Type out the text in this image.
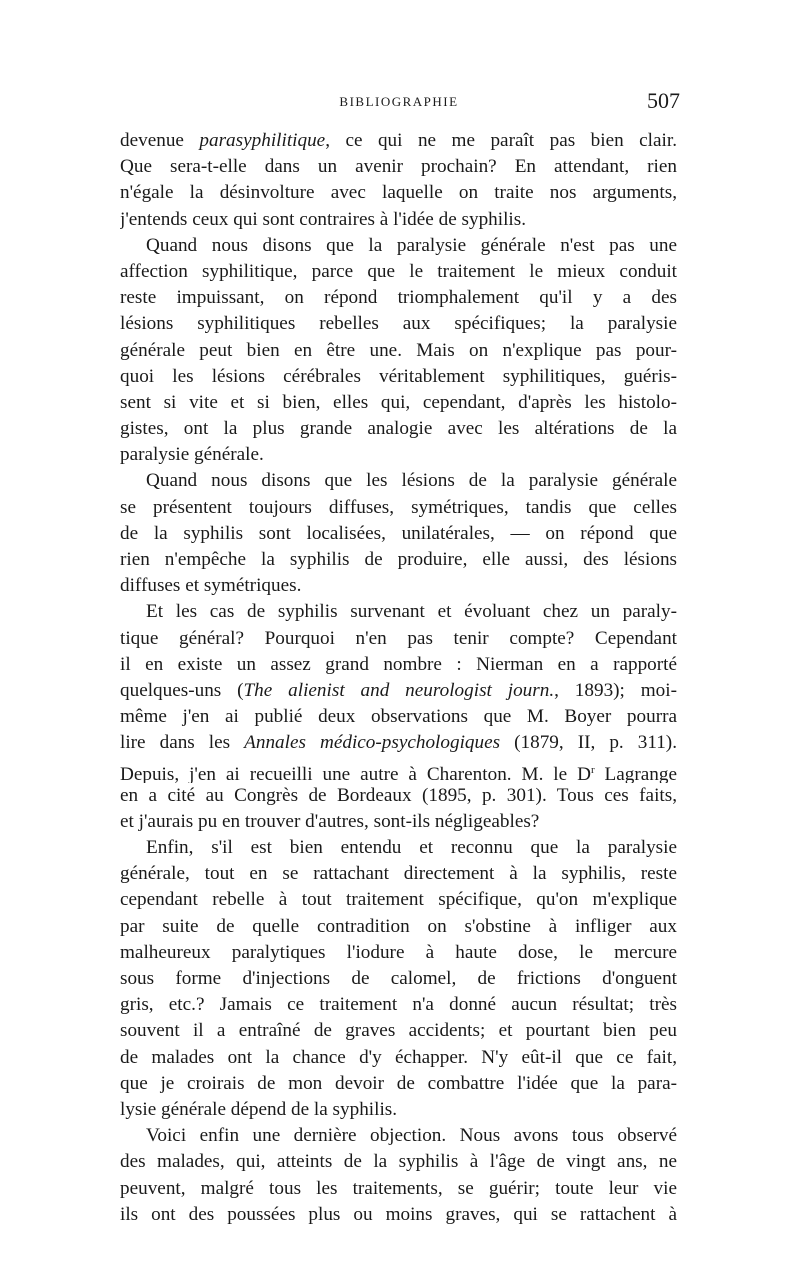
BIBLIOGRAPHIE	507
devenue parasyphilitique, ce qui ne me paraît pas bien clair.
Que sera-t-elle dans un avenir prochain? En attendant, rien
n'égale la désinvolture avec laquelle on traite nos arguments,
j'entends ceux qui sont contraires à l'idée de syphilis.
Quand nous disons que la paralysie générale n'est pas une
affection syphilitique, parce que le traitement le mieux conduit
reste impuissant, on répond triomphalement qu'il y a des
lésions syphilitiques rebelles aux spécifiques; la paralysie
générale peut bien en être une. Mais on n'explique pas pour-
quoi les lésions cérébrales véritablement syphilitiques, guéris-
sent si vite et si bien, elles qui, cependant, d'après les histolo-
gistes, ont la plus grande analogie avec les altérations de la
paralysie générale.
Quand nous disons que les lésions de la paralysie générale
se présentent toujours diffuses, symétriques, tandis que celles
de la syphilis sont localisées, unilatérales, — on répond que
rien n'empêche la syphilis de produire, elle aussi, des lésions
diffuses et symétriques.
Et les cas de syphilis survenant et évoluant chez un paraly-
tique général? Pourquoi n'en pas tenir compte? Cependant
il en existe un assez grand nombre : Nierman en a rapporté
quelques-uns (The alienist and neurologist journ., 1893); moi-
même j'en ai publié deux observations que M. Boyer pourra
lire dans les Annales médico-psychologiques (1879, II, p. 311).
Depuis, j'en ai recueilli une autre à Charenton. M. le $D^r$ Lagrange
en a cité au Congrès de Bordeaux (1895, p. 301). Tous ces faits,
et j'aurais pu en trouver d'autres, sont-ils négligeables?
Enfin, s'il est bien entendu et reconnu que la paralysie
générale, tout en se rattachant directement à la syphilis, reste
cependant rebelle à tout traitement spécifique, qu'on m'explique
par suite de quelle contradition on s'obstine à infliger aux
malheureux paralytiques l'iodure à haute dose, le mercure
sous forme d'injections de calomel, de frictions d'onguent
gris, etc.? Jamais ce traitement n'a donné aucun résultat; très
souvent il a entraîné de graves accidents; et pourtant bien peu
de malades ont la chance d'y échapper. N'y eût-il que ce fait,
que je croirais de mon devoir de combattre l'idée que la para-
lysie générale dépend de la syphilis.
Voici enfin une dernière objection. Nous avons tous observé
des malades, qui, atteints de la syphilis à l'âge de vingt ans, ne
peuvent, malgré tous les traitements, se guérir; toute leur vie
ils ont des poussées plus ou moins graves, qui se rattachent à
